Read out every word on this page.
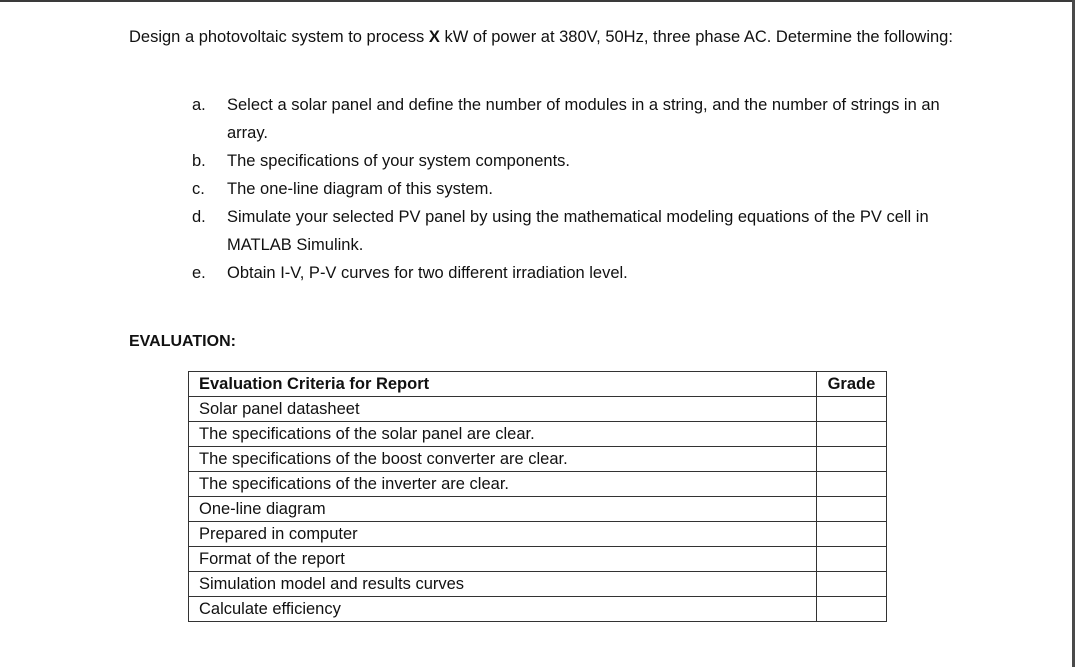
Design a photovoltaic system to process X kW of power at 380V, 50Hz, three phase AC. Determine the following:

a. Select a solar panel and define the number of modules in a string, and the number of strings in an array.
b. The specifications of your system components.
c. The one-line diagram of this system.
d. Simulate your selected PV panel by using the mathematical modeling equations of the PV cell in MATLAB Simulink.
e. Obtain I-V, P-V curves for two different irradiation level.
EVALUATION:
Evaluation Criteria for Report	Grade
Solar panel datasheet	
The specifications of the solar panel are clear.	
The specifications of the boost converter are clear.	
The specifications of the inverter are clear.	
One-line diagram	
Prepared in computer	
Format of the report	
Simulation model and results curves	
Calculate efficiency	
